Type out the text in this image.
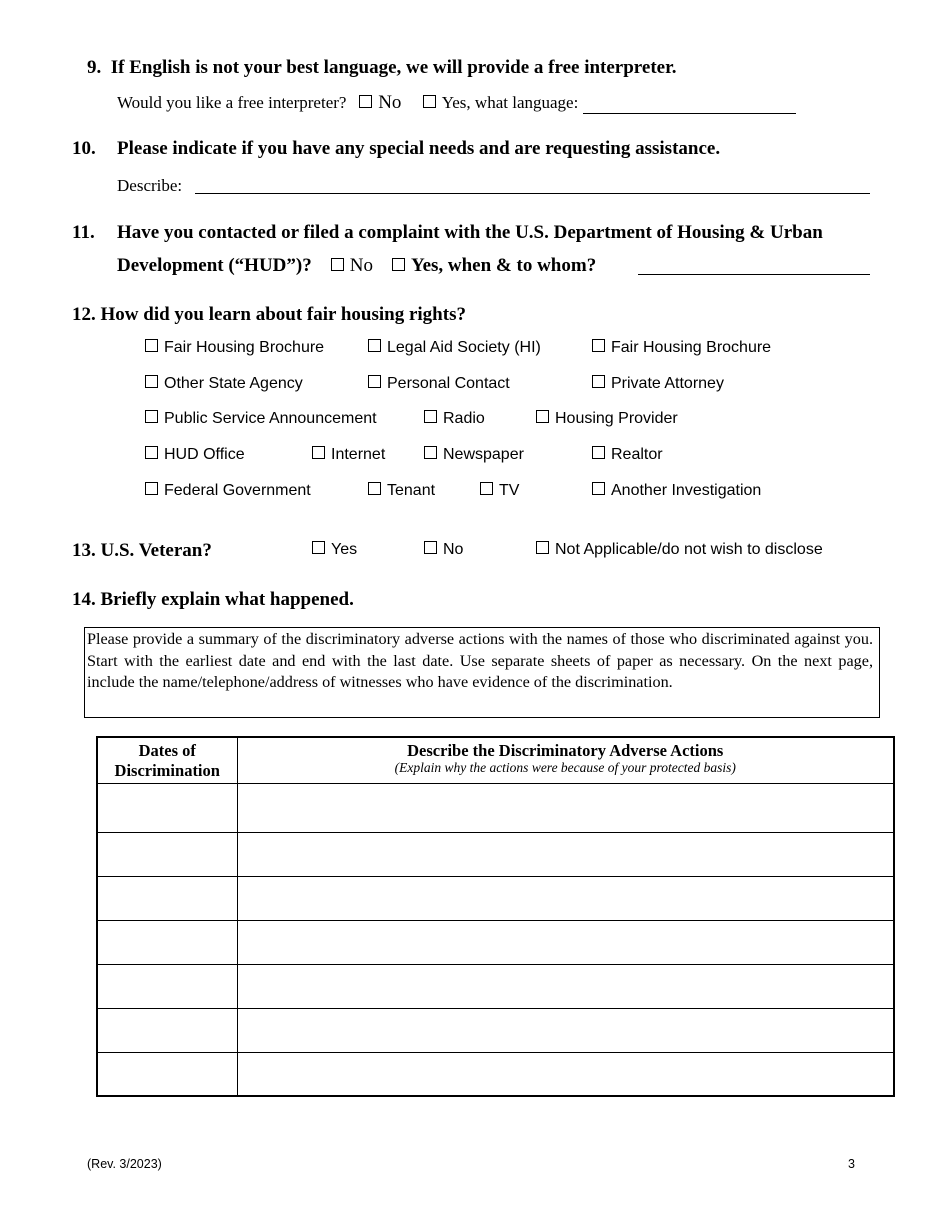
9. If English is not your best language, we will provide a free interpreter.
Would you like a free interpreter? No Yes, what language:
10. Please indicate if you have any special needs and are requesting assistance.
Describe:
11. Have you contacted or filed a complaint with the U.S. Department of Housing & Urban
Development (“HUD”)? No Yes, when & to whom?
12. How did you learn about fair housing rights?
Fair Housing Brochure	Legal Aid Society (HI)	Fair Housing Brochure
Other State Agency	Personal Contact	Private Attorney
Public Service Announcement	Radio	Housing Provider
HUD Office	Internet	Newspaper	Realtor
Federal Government	Tenant	TV	Another Investigation
13. U.S. Veteran?	Yes	No	Not Applicable/do not wish to disclose
14. Briefly explain what happened.
Please provide a summary of the discriminatory adverse actions with the names of those who discriminated against you. Start with the earliest date and end with the last date. Use separate sheets of paper as necessary. On the next page, include the name/telephone/address of witnesses who have evidence of the discrimination.
Dates of Discrimination	Describe the Discriminatory Adverse Actions
(Explain why the actions were because of your protected basis)

(Rev. 3/2023)	3
